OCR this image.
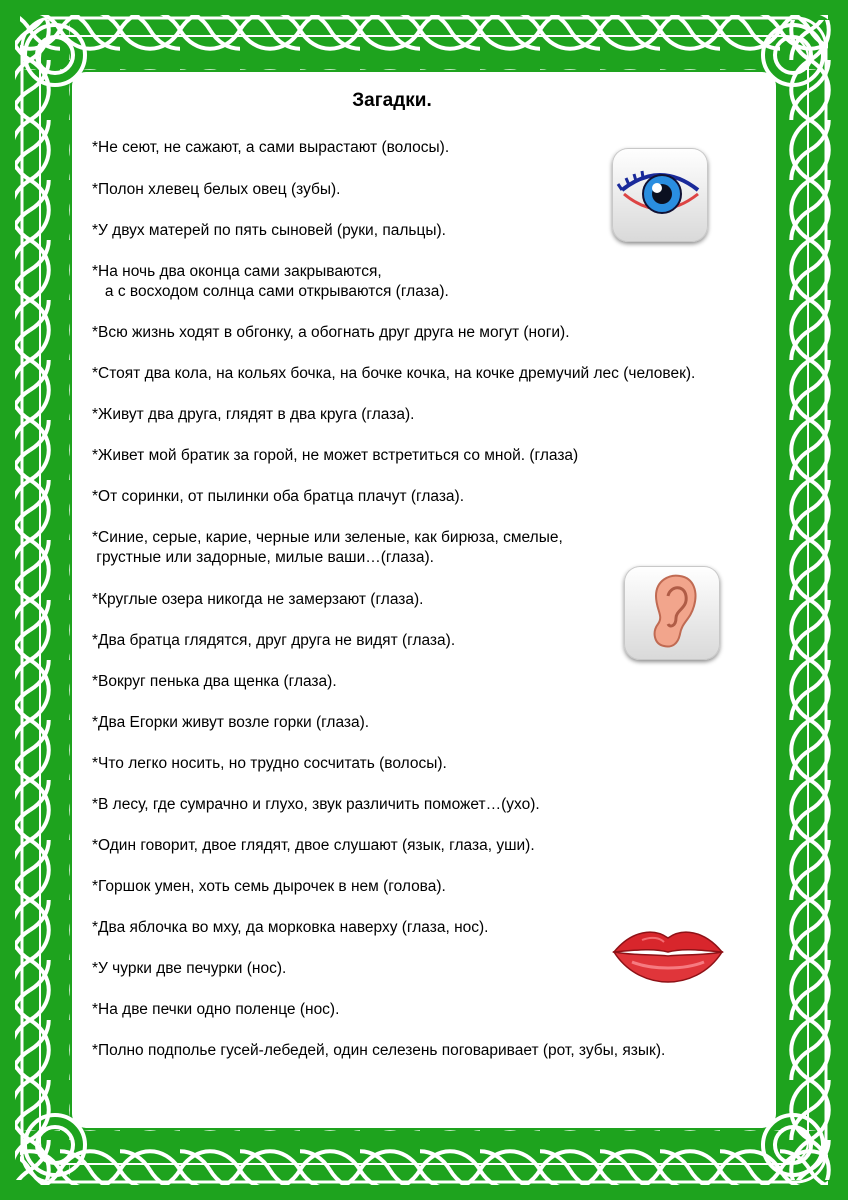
Загадки.
*Не сеют, не сажают, а сами вырастают (волосы).
*Полон хлевец белых овец (зубы).
*У двух матерей по пять сыновей (руки, пальцы).
*На ночь два оконца сами закрываются,
а с восходом солнца сами открываются (глаза).
*Всю жизнь ходят в обгонку, а обогнать друг друга не могут (ноги).
*Стоят два кола, на кольях бочка, на бочке кочка, на кочке дремучий лес (человек).
*Живут два друга, глядят в два круга (глаза).
*Живет мой братик за горой, не может встретиться со мной. (глаза)
*От соринки, от пылинки оба братца плачут (глаза).
*Синие, серые, карие, черные или зеленые, как бирюза, смелые,
грустные или задорные, милые ваши…(глаза).
*Круглые озера никогда не замерзают (глаза).
*Два братца глядятся, друг друга не видят (глаза).
*Вокруг пенька два щенка (глаза).
*Два Егорки живут возле горки (глаза).
*Что легко носить, но трудно сосчитать (волосы).
*В лесу, где сумрачно и глухо, звук различить поможет…(ухо).
*Один говорит, двое глядят, двое слушают (язык, глаза, уши).
*Горшок умен, хоть семь дырочек в нем (голова).
*Два яблочка во мху, да морковка наверху (глаза, нос).
*У чурки две печурки (нос).
*На две печки одно поленце (нос).
*Полно подполье гусей-лебедей, один селезень поговаривает (рот, зубы, язык).
